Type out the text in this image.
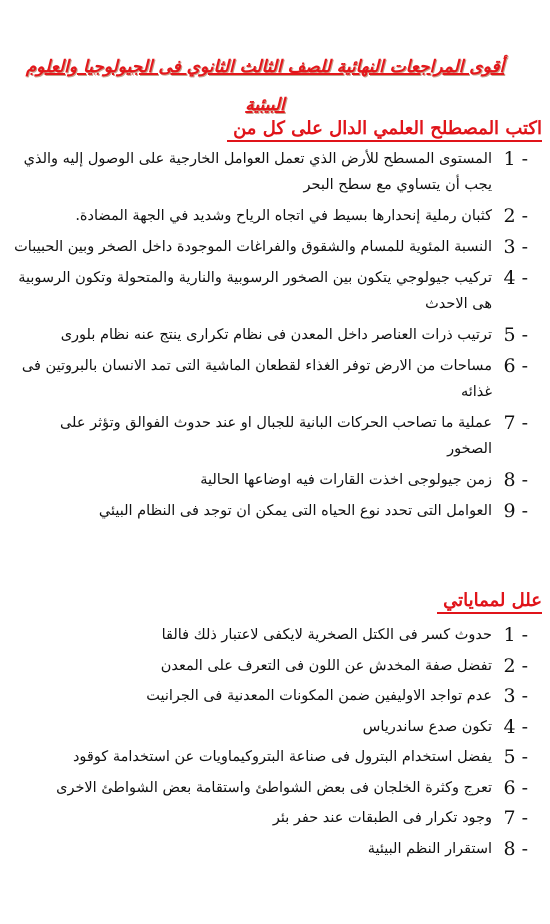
أقوى المراجعات النهائية للصف الثالث الثانوي فى الجيولوجيا والعلوم البيئية
اكتب المصطلح العلمي الدال على كل من
1 -
المستوى المسطح للأرض الذي تعمل العوامل الخارجية على الوصول إليه والذي يجب أن يتساوي مع سطح البحر
2 -
كثبان رملية إنحدارها بسيط في اتجاه الرياح وشديد في الجهة المضادة.
3 -
النسبة المئوية للمسام والشقوق والفراغات الموجودة داخل الصخر وبين الحبيبات
4 -
تركيب جيولوجي يتكون بين الصخور الرسوبية والنارية والمتحولة وتكون الرسوبية هى الاحدث
5 -
ترتيب ذرات العناصر داخل المعدن فى نظام تكرارى ينتج عنه نظام بلورى
6 -
مساحات من الارض توفر الغذاء لقطعان الماشية التى تمد الانسان بالبروتين فى غذائه
7 -
عملية ما تصاحب الحركات البانية للجبال او عند حدوث الفوالق وتؤثر على الصخور
8 -
زمن جيولوجى اخذت القارات فيه اوضاعها الحالية
9 -
العوامل التى تحدد نوع الحياه التى يمكن ان توجد فى النظام البيئي
علل لمماياتي
1 -
حدوث كسر فى الكتل الصخرية لايكفى لاعتبار ذلك فالقا
2 -
تفضل صفة المخدش عن اللون فى التعرف على المعدن
3 -
عدم تواجد الاوليفين ضمن المكونات المعدنية فى الجرانيت
4 -
تكون صدع ساندرياس
5 -
يفضل استخدام البترول فى صناعة البتروكيماويات عن استخدامة كوقود
6 -
تعرج وكثرة الخلجان فى بعض الشواطئ واستقامة بعض الشواطئ الاخرى
7 -
وجود تكرار فى الطبقات عند حفر بئر
8 -
استقرار النظم البيئية
